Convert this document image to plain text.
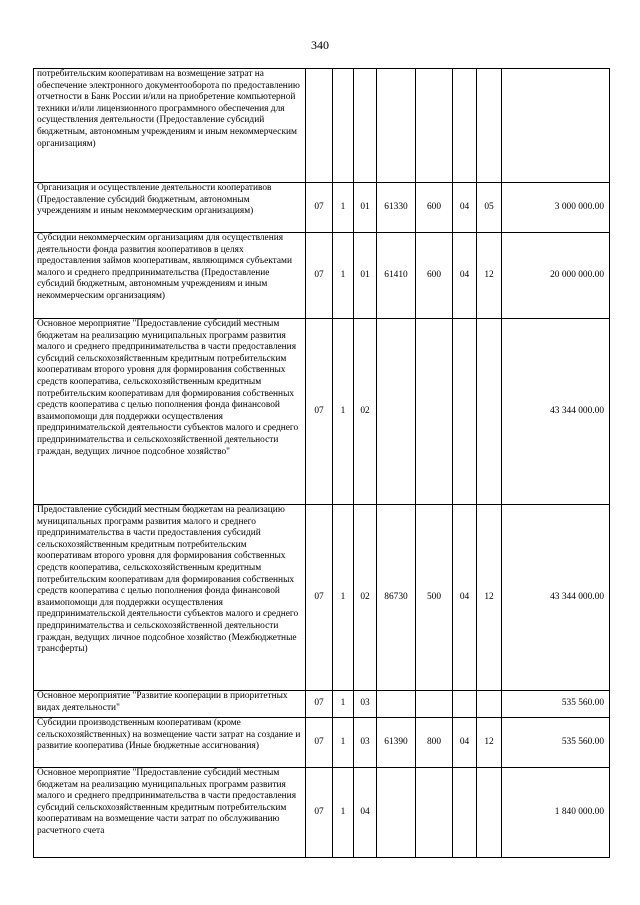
340
потребительским кооперативам на возмещение затрат на обеспечение электронного документооборота по предоставлению отчетности в Банк России и/или на приобретение компьютерной техники и/или лицензионного программного обеспечения для осуществления деятельности (Предоставление субсидий бюджетным, автономным учреждениям и иным некоммерческим организациям)								
Организация и осуществление деятельности кооперативов (Предоставление субсидий бюджетным, автономным учреждениям и иным некоммерческим организациям)	07	1	01	61330	600	04	05	3 000 000.00
Субсидии некоммерческим организациям для осуществления деятельности фонда развития кооперативов в целях предоставления займов кооперативам, являющимся субъектами малого и среднего предпринимательства (Предоставление субсидий бюджетным, автономным учреждениям и иным некоммерческим организациям)	07	1	01	61410	600	04	12	20 000 000.00
Основное мероприятие "Предоставление субсидий местным бюджетам на реализацию муниципальных программ развития малого и среднего предпринимательства в части предоставления субсидий сельскохозяйственным кредитным потребительским кооперативам второго уровня для формирования собственных средств кооператива, сельскохозяйственным кредитным потребительским кооперативам для формирования собственных средств кооператива с целью пополнения фонда финансовой взаимопомощи для поддержки осуществления предпринимательской деятельности субъектов малого и среднего предпринимательства и сельскохозяйственной деятельности граждан, ведущих личное подсобное хозяйство"	07	1	02					43 344 000.00
Предоставление субсидий местным бюджетам на реализацию муниципальных программ развития малого и среднего предпринимательства в части предоставления субсидий сельскохозяйственным кредитным потребительским кооперативам второго уровня для формирования собственных средств кооператива, сельскохозяйственным кредитным потребительским кооперативам для формирования собственных средств кооператива с целью пополнения фонда финансовой взаимопомощи для поддержки осуществления предпринимательской деятельности субъектов малого и среднего предпринимательства и сельскохозяйственной деятельности граждан, ведущих личное подсобное хозяйство (Межбюджетные трансферты)	07	1	02	86730	500	04	12	43 344 000.00
Основное мероприятие "Развитие кооперации в приоритетных видах деятельности"	07	1	03					535 560.00
Субсидии производственным кооперативам (кроме сельскохозяйственных) на возмещение части затрат на создание и развитие кооператива (Иные бюджетные ассигнования)	07	1	03	61390	800	04	12	535 560.00
Основное мероприятие "Предоставление субсидий местным бюджетам на реализацию муниципальных программ развития малого и среднего предпринимательства в части предоставления субсидий сельскохозяйственным кредитным потребительским кооперативам на возмещение части затрат по обслуживанию расчетного счета	07	1	04					1 840 000.00
